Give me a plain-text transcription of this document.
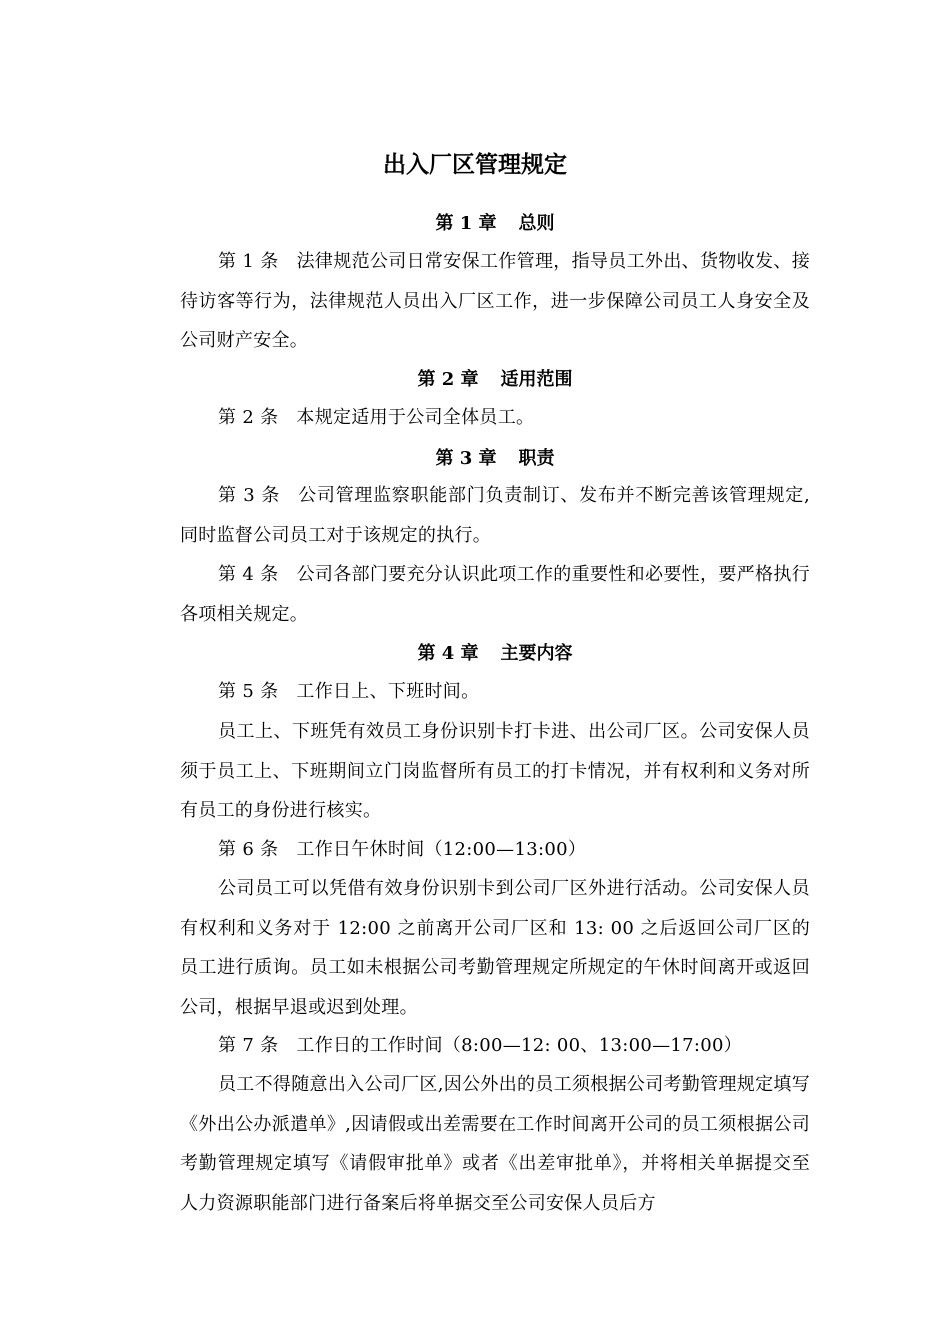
出入厂区管理规定
第 1 章 总则
第 1 条 法律规范公司日常安保工作管理，指导员工外出、货物收发、接待访客等行为，法律规范人员出入厂区工作，进一步保障公司员工人身安全及公司财产安全。
第 2 章 适用范围
第 2 条 本规定适用于公司全体员工。
第 3 章 职责
第 3 条 公司管理监察职能部门负责制订、发布并不断完善该管理规定,同时监督公司员工对于该规定的执行。
第 4 条 公司各部门要充分认识此项工作的重要性和必要性，要严格执行各项相关规定。
第 4 章 主要内容
第 5 条 工作日上、下班时间。
员工上、下班凭有效员工身份识别卡打卡进、出公司厂区。公司安保人员须于员工上、下班期间立门岗监督所有员工的打卡情况，并有权利和义务对所有员工的身份进行核实。
第 6 条 工作日午休时间（12:00—13:00）
公司员工可以凭借有效身份识别卡到公司厂区外进行活动。公司安保人员有权利和义务对于 12:00 之前离开公司厂区和 13: 00 之后返回公司厂区的员工进行质询。员工如未根据公司考勤管理规定所规定的午休时间离开或返回公司，根据早退或迟到处理。
第 7 条 工作日的工作时间（8:00—12: 00、13:00—17:00）
员工不得随意出入公司厂区,因公外出的员工须根据公司考勤管理规定填写《外出公办派遣单》,因请假或出差需要在工作时间离开公司的员工须根据公司考勤管理规定填写《请假审批单》或者《出差审批单》，并将相关单据提交至人力资源职能部门进行备案后将单据交至公司安保人员后方
